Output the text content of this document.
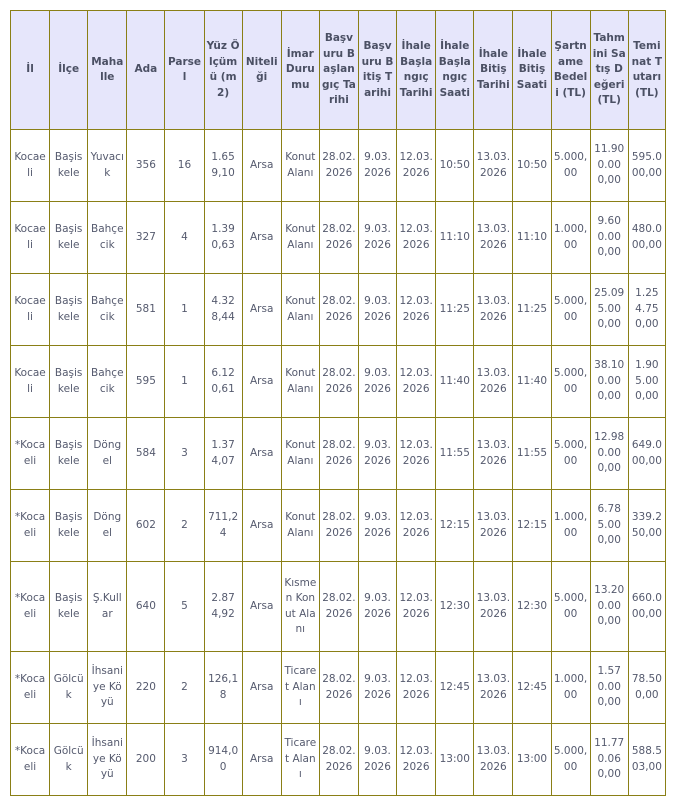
İl	İlçe	Mahalle	Ada	Parsel	Yüz Ölçümü (m2)	Niteliği	İmar Durumu	Başvuru Başlangıç Tarihi	Başvuru Bitiş Tarihi	İhale Başlangıç Tarihi	İhale Başlangıç Saati	İhale Bitiş Tarihi	İhale Bitiş Saati	Şartname Bedeli (TL)	Tahmini Satış Değeri (TL)	Teminat Tutarı (TL)
Kocaeli	Başiskele	Yuvacık	356	16	1.659,10	Arsa	Konut Alanı	28.02.2026	9.03.2026	12.03.2026	10:50	13.03.2026	10:50	5.000,00	11.900.000,00	595.000,00
Kocaeli	Başiskele	Bahçecik	327	4	1.390,63	Arsa	Konut Alanı	28.02.2026	9.03.2026	12.03.2026	11:10	13.03.2026	11:10	1.000,00	9.600.000,00	480.000,00
Kocaeli	Başiskele	Bahçecik	581	1	4.328,44	Arsa	Konut Alanı	28.02.2026	9.03.2026	12.03.2026	11:25	13.03.2026	11:25	5.000,00	25.095.000,00	1.254.750,00
Kocaeli	Başiskele	Bahçecik	595	1	6.120,61	Arsa	Konut Alanı	28.02.2026	9.03.2026	12.03.2026	11:40	13.03.2026	11:40	5.000,00	38.100.000,00	1.905.000,00
*Kocaeli	Başiskele	Döngel	584	3	1.374,07	Arsa	Konut Alanı	28.02.2026	9.03.2026	12.03.2026	11:55	13.03.2026	11:55	5.000,00	12.980.000,00	649.000,00
*Kocaeli	Başiskele	Döngel	602	2	711,24	Arsa	Konut Alanı	28.02.2026	9.03.2026	12.03.2026	12:15	13.03.2026	12:15	1.000,00	6.785.000,00	339.250,00
*Kocaeli	Başiskele	Ş.Kullar	640	5	2.874,92	Arsa	Kısmen Konut Alanı	28.02.2026	9.03.2026	12.03.2026	12:30	13.03.2026	12:30	5.000,00	13.200.000,00	660.000,00
*Kocaeli	Gölcük	İhsaniye Köyü	220	2	126,18	Arsa	Ticaret Alanı	28.02.2026	9.03.2026	12.03.2026	12:45	13.03.2026	12:45	1.000,00	1.570.000,00	78.500,00
*Kocaeli	Gölcük	İhsaniye Köyü	200	3	914,00	Arsa	Ticaret Alanı	28.02.2026	9.03.2026	12.03.2026	13:00	13.03.2026	13:00	5.000,00	11.770.060,00	588.503,00
